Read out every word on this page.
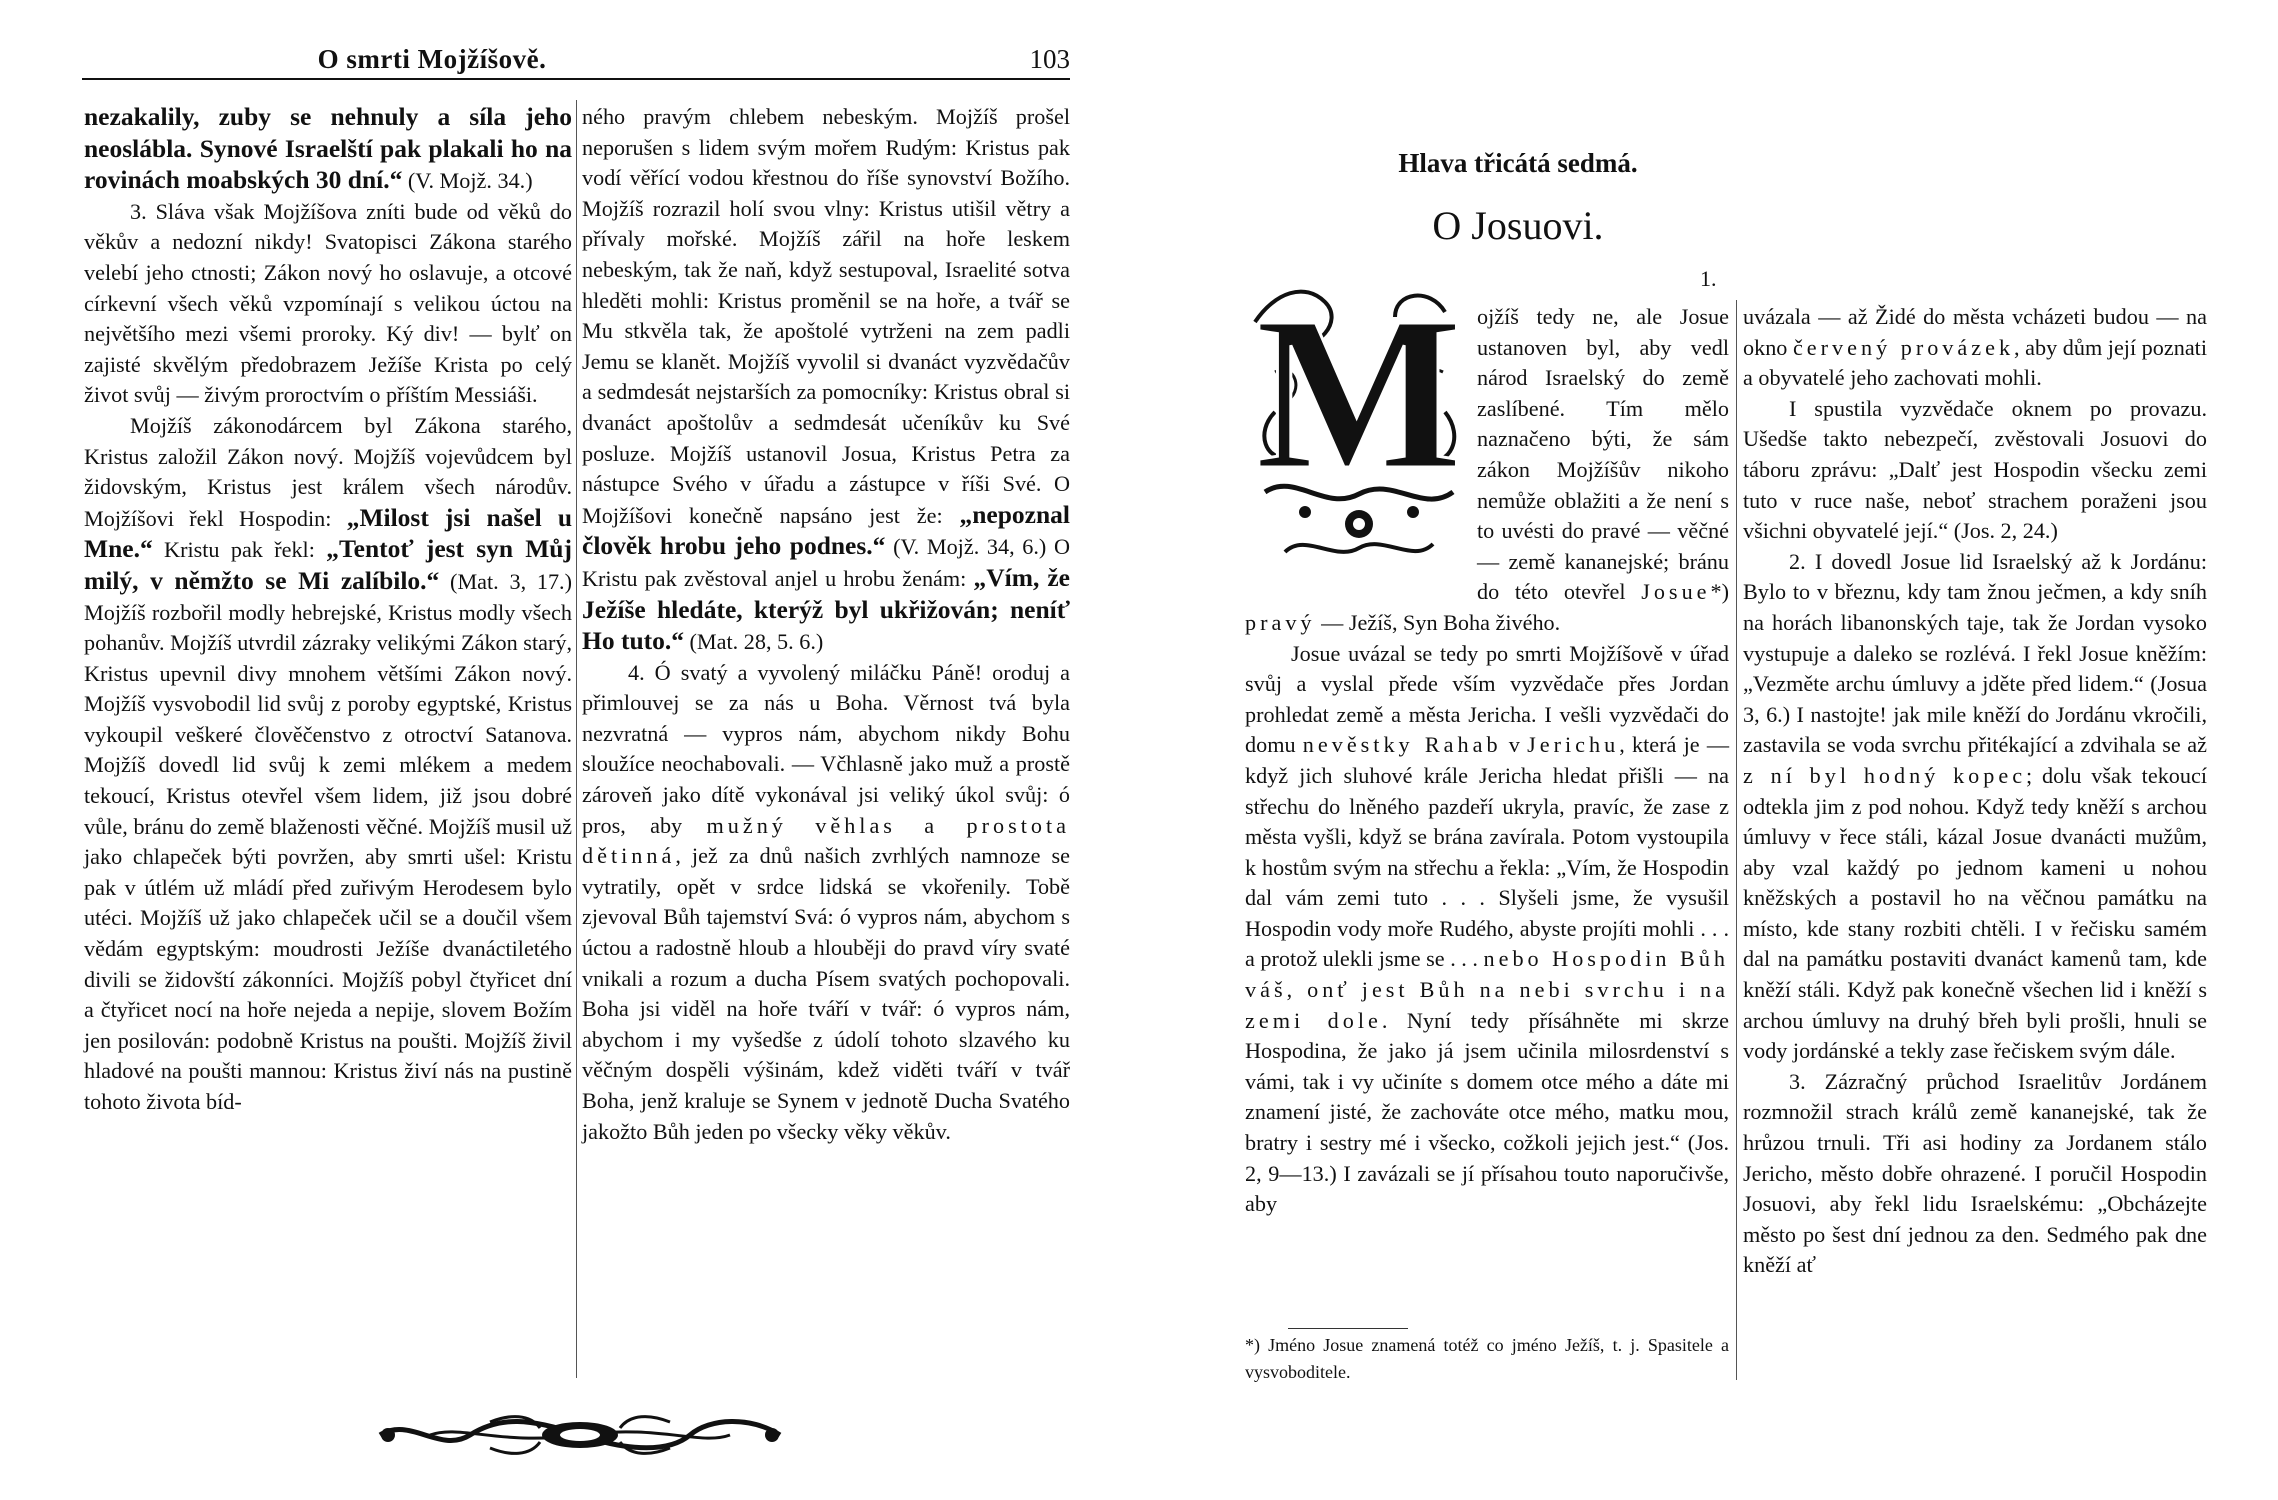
O smrti Mojžíšově.	103

nezakalily, zuby se nehnuly a síla jeho neoslábla. Synové Israelští pak plakali ho na rovinách moabských 30 dní.“ (V. Mojž. 34.)

3. Sláva však Mojžíšova zníti bude od věků do věkův a nedozní nikdy! Svatopisci Zákona starého velebí jeho ctnosti; Zákon nový ho oslavuje, a otcové církevní všech věků vzpomínají s velikou úctou na největšího mezi všemi proroky. Ký div! — bylť on zajisté skvělým předobrazem Ježíše Krista po celý život svůj — živým proroctvím o příštím Messiáši.

Mojžíš zákonodárcem byl Zákona starého, Kristus založil Zákon nový. Mojžíš vojevůdcem byl židovským, Kristus jest králem všech národův. Mojžíšovi řekl Hospodin: „Milost jsi našel u Mne.“ Kristu pak řekl: „Tentoť jest syn Můj milý, v němžto se Mi zalíbilo.“ (Mat. 3, 17.) Mojžíš rozbořil modly hebrejské, Kristus modly všech pohanův. Mojžíš utvrdil zázraky velikými Zákon starý, Kristus upevnil divy mnohem většími Zákon nový. Mojžíš vysvobodil lid svůj z poroby egyptské, Kristus vykoupil veškeré člověčenstvo z otroctví Satanova. Mojžíš dovedl lid svůj k zemi mlékem a medem tekoucí, Kristus otevřel všem lidem, již jsou dobré vůle, bránu do země blaženosti věčné. Mojžíš musil už jako chlapeček býti povržen, aby smrti ušel: Kristu pak v útlém už mládí před zuřivým Herodesem bylo utéci. Mojžíš už jako chlapeček učil se a doučil všem vědám egyptským: moudrosti Ježíše dvanáctiletého divili se židovští zákonníci. Mojžíš pobyl čtyřicet dní a čtyřicet nocí na hoře nejeda a nepije, slovem Božím jen posilován: podobně Kristus na poušti. Mojžíš živil hladové na poušti mannou: Kristus živí nás na pustině tohoto života bíd-

ného pravým chlebem nebeským. Mojžíš prošel neporušen s lidem svým mořem Rudým: Kristus pak vodí věřící vodou křestnou do říše synovství Božího. Mojžíš rozrazil holí svou vlny: Kristus utišil větry a přívaly mořské. Mojžíš zářil na hoře leskem nebeským, tak že naň, když sestupoval, Israelité sotva hleděti mohli: Kristus proměnil se na hoře, a tvář se Mu stkvěla tak, že apoštolé vytrženi na zem padli Jemu se klanět. Mojžíš vyvolil si dvanáct vyzvědačův a sedmdesát nejstarších za pomocníky: Kristus obral si dvanáct apoštolův a sedmdesát učeníkův ku Své posluze. Mojžíš ustanovil Josua, Kristus Petra za nástupce Svého v úřadu a zástupce v říši Své. O Mojžíšovi konečně napsáno jest že: „nepoznal člověk hrobu jeho podnes.“ (V. Mojž. 34, 6.) O Kristu pak zvěstoval anjel u hrobu ženám: „Vím, že Ježíše hledáte, kterýž byl ukřižován; neníť Ho tuto.“ (Mat. 28, 5. 6.)

4. Ó svatý a vyvolený miláčku Páně! oroduj a přimlouvej se za nás u Boha. Věrnost tvá byla nezvratná — vypros nám, abychom nikdy Bohu sloužíce neochabovali. — Včhlasně jako muž a prostě zároveň jako dítě vykonával jsi veliký úkol svůj: ó pros, aby mužný věhlas a prostota dětinná, jež za dnů našich zvrhlých namnoze se vytratily, opět v srdce lidská se vkořenily. Tobě zjevoval Bůh tajemství Svá: ó vypros nám, abychom s úctou a radostně hloub a hlouběji do pravd víry svaté vnikali a rozum a ducha Písem svatých pochopovali. Boha jsi viděl na hoře tváří v tvář: ó vypros nám, abychom i my vyšedše z údolí tohoto slzavého ku věčným dospěli výšinám, kdež viděti tváří v tvář Boha, jenž kraluje se Synem v jednotě Ducha Svatého jakožto Bůh jeden po všecky věky věkův.

Hlava třicátá sedmá.
O Josuovi.
1.
M ojžíš tedy ne, ale Josue ustanoven byl, aby vedl národ Israelský do země zaslíbené. Tím mělo naznačeno býti, že sám zákon Mojžíšův nikoho nemůže oblažiti a že není s to uvésti do pravé — věčné — země kananejské; bránu do této otevřel Josue*) pravý — Ježíš, Syn Boha živého.

Josue uvázal se tedy po smrti Mojžíšově v úřad svůj a vyslal přede vším vyzvědače přes Jordan prohledat země a města Jericha. I vešli vyzvědači do domu nevěstky Rahab v Jerichu, která je — když jich sluhové krále Jericha hledat přišli — na střechu do lněného pazdeří ukryla, pravíc, že zase z města vyšli, když se brána zavírala. Potom vystoupila k hostům svým na střechu a řekla: „Vím, že Hospodin dal vám zemi tuto . . . Slyšeli jsme, že vysušil Hospodin vody moře Rudého, abyste projíti mohli . . . a protož ulekli jsme se . . . nebo Hospodin Bůh váš, onť jest Bůh na nebi svrchu i na zemi dole. Nyní tedy přísáhněte mi skrze Hospodina, že jako já jsem učinila milosrdenství s vámi, tak i vy učiníte s domem otce mého a dáte mi znamení jisté, že zachováte otce mého, matku mou, bratry i sestry mé i všecko, cožkoli jejich jest.“ (Jos. 2, 9—13.) I zavázali se jí přísahou touto naporučivše, aby

uvázala — až Židé do města vcházeti budou — na okno červený provázek, aby dům její poznati a obyvatelé jeho zachovati mohli.

I spustila vyzvědače oknem po provazu. Ušedše takto nebezpečí, zvěstovali Josuovi do táboru zprávu: „Dalť jest Hospodin všecku zemi tuto v ruce naše, neboť strachem poraženi jsou všichni obyvatelé její.“ (Jos. 2, 24.)

2. I dovedl Josue lid Israelský až k Jordánu: Bylo to v březnu, kdy tam žnou ječmen, a kdy sníh na horách libanonských taje, tak že Jordan vysoko vystupuje a daleko se rozlévá. I řekl Josue kněžím: „Vezměte archu úmluvy a jděte před lidem.“ (Josua 3, 6.) I nastojte! jak mile kněží do Jordánu vkročili, zastavila se voda svrchu přitékající a zdvihala se až z ní byl hodný kopec; dolu však tekoucí odtekla jim z pod nohou. Když tedy kněží s archou úmluvy v řece stáli, kázal Josue dvanácti mužům, aby vzal každý po jednom kameni u nohou kněžských a postavil ho na věčnou památku na místo, kde stany rozbiti chtěli. I v řečisku samém dal na památku postaviti dvanáct kamenů tam, kde kněží stáli. Když pak konečně všechen lid i kněží s archou úmluvy na druhý břeh byli prošli, hnuli se vody jordánské a tekly zase řečiskem svým dále.

3. Zázračný průchod Israelitův Jordánem rozmnožil strach králů země kananejské, tak že hrůzou trnuli. Tři asi hodiny za Jordanem stálo Jericho, město dobře ohrazené. I poručil Hospodin Josuovi, aby řekl lidu Israelskému: „Obcházejte město po šest dní jednou za den. Sedmého pak dne kněží ať

*) Jméno Josue znamená totéž co jméno Ježíš, t. j. Spasitele a vysvoboditele.
